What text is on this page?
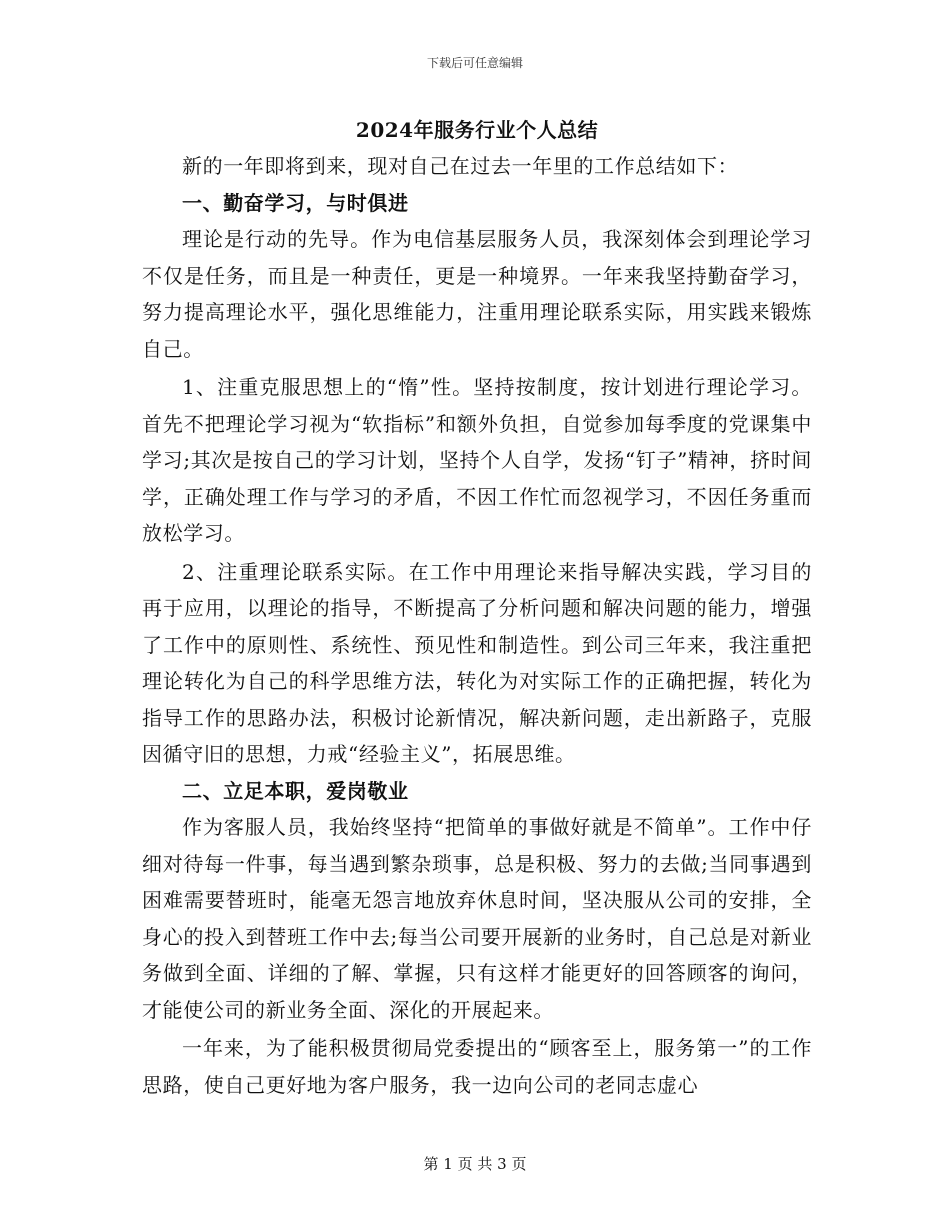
下载后可任意编辑
2024年服务行业个人总结

新的一年即将到来，现对自己在过去一年里的工作总结如下：

一、勤奋学习，与时俱进

理论是行动的先导。作为电信基层服务人员，我深刻体会到理论学习不仅是任务，而且是一种责任，更是一种境界。一年来我坚持勤奋学习，努力提高理论水平，强化思维能力，注重用理论联系实际，用实践来锻炼自己。

1、注重克服思想上的“惰”性。坚持按制度，按计划进行理论学习。首先不把理论学习视为“软指标”和额外负担，自觉参加每季度的党课集中学习;其次是按自己的学习计划，坚持个人自学，发扬“钉子”精神，挤时间学，正确处理工作与学习的矛盾，不因工作忙而忽视学习，不因任务重而放松学习。

2、注重理论联系实际。在工作中用理论来指导解决实践，学习目的再于应用，以理论的指导，不断提高了分析问题和解决问题的能力，增强了工作中的原则性、系统性、预见性和制造性。到公司三年来，我注重把理论转化为自己的科学思维方法，转化为对实际工作的正确把握，转化为指导工作的思路办法，积极讨论新情况，解决新问题，走出新路子，克服因循守旧的思想，力戒“经验主义”，拓展思维。

二、立足本职，爱岗敬业

作为客服人员，我始终坚持“把简单的事做好就是不简单”。工作中仔细对待每一件事，每当遇到繁杂琐事，总是积极、努力的去做;当同事遇到困难需要替班时，能毫无怨言地放弃休息时间，坚决服从公司的安排，全身心的投入到替班工作中去;每当公司要开展新的业务时，自己总是对新业务做到全面、详细的了解、掌握，只有这样才能更好的回答顾客的询问，才能使公司的新业务全面、深化的开展起来。

一年来，为了能积极贯彻局党委提出的“顾客至上，服务第一”的工作思路，使自己更好地为客户服务，我一边向公司的老同志虚心

第 1 页 共 3 页
